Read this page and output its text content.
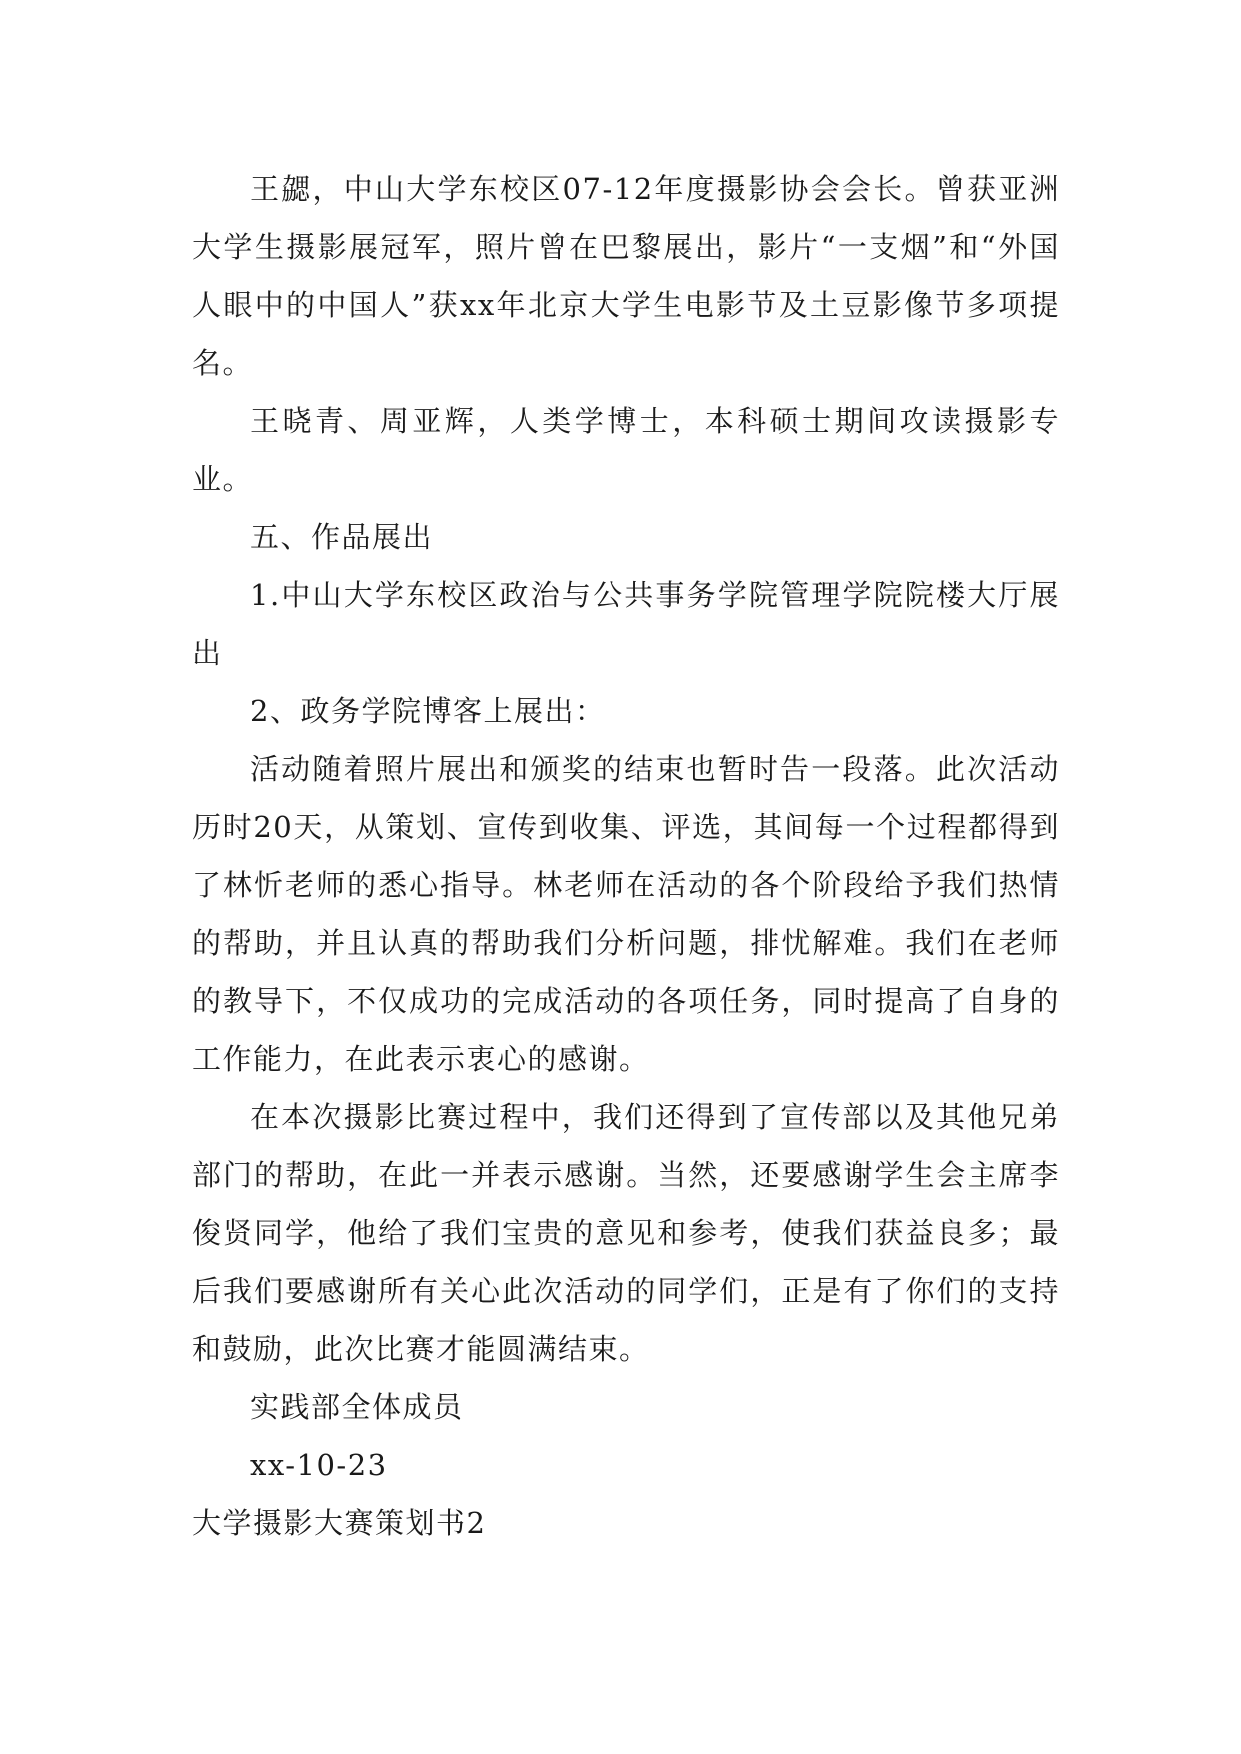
王勰，中山大学东校区07-12年度摄影协会会长。曾获亚洲大学生摄影展冠军，照片曾在巴黎展出，影片“一支烟”和“外国人眼中的中国人”获xx年北京大学生电影节及土豆影像节多项提名。

王晓青、周亚辉，人类学博士，本科硕士期间攻读摄影专业。

五、作品展出

1.中山大学东校区政治与公共事务学院管理学院院楼大厅展出

2、政务学院博客上展出：

活动随着照片展出和颁奖的结束也暂时告一段落。此次活动历时20天，从策划、宣传到收集、评选，其间每一个过程都得到了林忻老师的悉心指导。林老师在活动的各个阶段给予我们热情的帮助，并且认真的帮助我们分析问题，排忧解难。我们在老师的教导下，不仅成功的完成活动的各项任务，同时提高了自身的工作能力，在此表示衷心的感谢。

在本次摄影比赛过程中，我们还得到了宣传部以及其他兄弟部门的帮助，在此一并表示感谢。当然，还要感谢学生会主席李俊贤同学，他给了我们宝贵的意见和参考，使我们获益良多；最后我们要感谢所有关心此次活动的同学们，正是有了你们的支持和鼓励，此次比赛才能圆满结束。

实践部全体成员

xx-10-23

大学摄影大赛策划书2
